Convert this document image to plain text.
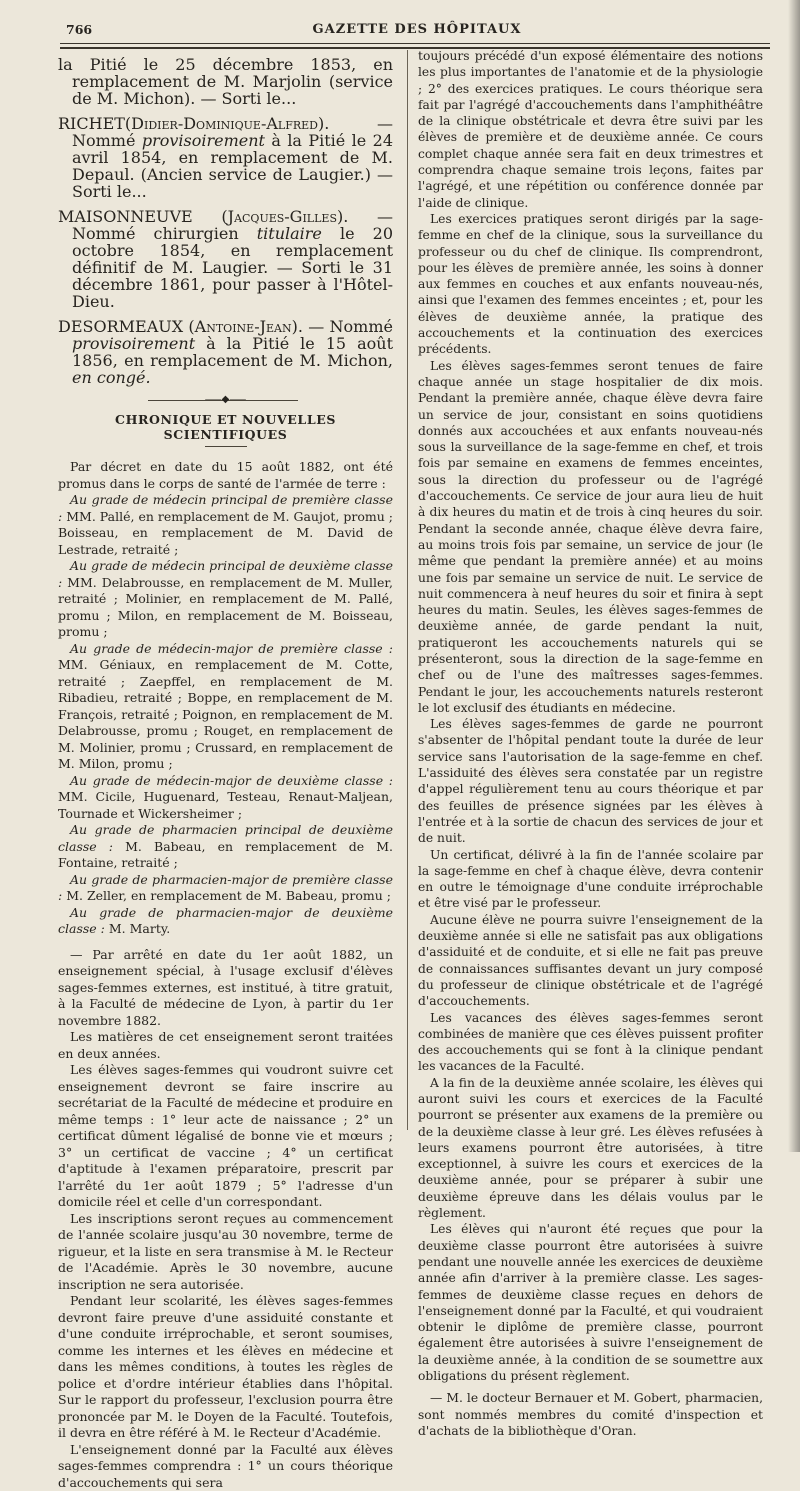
766	GAZETTE DES HÔPITAUX

la Pitié le 25 décembre 1853, en remplacement de M. Marjolin (service de M. Michon). — Sorti le...

RICHET(Didier-Dominique-Alfred). — Nommé provisoirement à la Pitié le 24 avril 1854, en remplacement de M. Depaul. (Ancien service de Laugier.) — Sorti le...

MAISONNEUVE (Jacques-Gilles). — Nommé chirurgien titulaire le 20 octobre 1854, en remplacement définitif de M. Laugier. — Sorti le 31 décembre 1861, pour passer à l'Hôtel-Dieu.

DESORMEAUX (Antoine-Jean). — Nommé provisoirement à la Pitié le 15 août 1856, en remplacement de M. Michon, en congé.

⸺◆⸺
CHRONIQUE ET NOUVELLES SCIENTIFIQUES

Par décret en date du 15 août 1882, ont été promus dans le corps de santé de l'armée de terre :

Au grade de médecin principal de première classe : MM. Pallé, en remplacement de M. Gaujot, promu ; Boisseau, en remplacement de M. David de Lestrade, retraité ;

Au grade de médecin principal de deuxième classe : MM. Delabrousse, en remplacement de M. Muller, retraité ; Molinier, en remplacement de M. Pallé, promu ; Milon, en remplacement de M. Boisseau, promu ;

Au grade de médecin-major de première classe : MM. Géniaux, en remplacement de M. Cotte, retraité ; Zaepffel, en remplacement de M. Ribadieu, retraité ; Boppe, en remplacement de M. François, retraité ; Poignon, en remplacement de M. Delabrousse, promu ; Rouget, en remplacement de M. Molinier, promu ; Crussard, en remplacement de M. Milon, promu ;

Au grade de médecin-major de deuxième classe : MM. Cicile, Huguenard, Testeau, Renaut-Maljean, Tournade et Wickersheimer ;

Au grade de pharmacien principal de deuxième classe : M. Babeau, en remplacement de M. Fontaine, retraité ;

Au grade de pharmacien-major de première classe : M. Zeller, en remplacement de M. Babeau, promu ;

Au grade de pharmacien-major de deuxième classe : M. Marty.

— Par arrêté en date du 1er août 1882, un enseignement spécial, à l'usage exclusif d'élèves sages-femmes externes, est institué, à titre gratuit, à la Faculté de médecine de Lyon, à partir du 1er novembre 1882.

Les matières de cet enseignement seront traitées en deux années.

Les élèves sages-femmes qui voudront suivre cet enseignement devront se faire inscrire au secrétariat de la Faculté de médecine et produire en même temps : 1° leur acte de naissance ; 2° un certificat dûment légalisé de bonne vie et mœurs ; 3° un certificat de vaccine ; 4° un certificat d'aptitude à l'examen préparatoire, prescrit par l'arrêté du 1er août 1879 ; 5° l'adresse d'un domicile réel et celle d'un correspondant.

Les inscriptions seront reçues au commencement de l'année scolaire jusqu'au 30 novembre, terme de rigueur, et la liste en sera transmise à M. le Recteur de l'Académie. Après le 30 novembre, aucune inscription ne sera autorisée.

Pendant leur scolarité, les élèves sages-femmes devront faire preuve d'une assiduité constante et d'une conduite irréprochable, et seront soumises, comme les internes et les élèves en médecine et dans les mêmes conditions, à toutes les règles de police et d'ordre intérieur établies dans l'hôpital. Sur le rapport du professeur, l'exclusion pourra être prononcée par M. le Doyen de la Faculté. Toutefois, il devra en être référé à M. le Recteur d'Académie.

L'enseignement donné par la Faculté aux élèves sages-femmes comprendra : 1° un cours théorique d'accouchements qui sera

toujours précédé d'un exposé élémentaire des notions les plus importantes de l'anatomie et de la physiologie ; 2° des exercices pratiques. Le cours théorique sera fait par l'agrégé d'accouchements dans l'amphithéâtre de la clinique obstétricale et devra être suivi par les élèves de première et de deuxième année. Ce cours complet chaque année sera fait en deux trimestres et comprendra chaque semaine trois leçons, faites par l'agrégé, et une répétition ou conférence donnée par l'aide de clinique.

Les exercices pratiques seront dirigés par la sage-femme en chef de la clinique, sous la surveillance du professeur ou du chef de clinique. Ils comprendront, pour les élèves de première année, les soins à donner aux femmes en couches et aux enfants nouveau-nés, ainsi que l'examen des femmes enceintes ; et, pour les élèves de deuxième année, la pratique des accouchements et la continuation des exercices précédents.

Les élèves sages-femmes seront tenues de faire chaque année un stage hospitalier de dix mois. Pendant la première année, chaque élève devra faire un service de jour, consistant en soins quotidiens donnés aux accouchées et aux enfants nouveau-nés sous la surveillance de la sage-femme en chef, et trois fois par semaine en examens de femmes enceintes, sous la direction du professeur ou de l'agrégé d'accouchements. Ce service de jour aura lieu de huit à dix heures du matin et de trois à cinq heures du soir. Pendant la seconde année, chaque élève devra faire, au moins trois fois par semaine, un service de jour (le même que pendant la première année) et au moins une fois par semaine un service de nuit. Le service de nuit commencera à neuf heures du soir et finira à sept heures du matin. Seules, les élèves sages-femmes de deuxième année, de garde pendant la nuit, pratiqueront les accouchements naturels qui se présenteront, sous la direction de la sage-femme en chef ou de l'une des maîtresses sages-femmes. Pendant le jour, les accouchements naturels resteront le lot exclusif des étudiants en médecine.

Les élèves sages-femmes de garde ne pourront s'absenter de l'hôpital pendant toute la durée de leur service sans l'autorisation de la sage-femme en chef. L'assiduité des élèves sera constatée par un registre d'appel régulièrement tenu au cours théorique et par des feuilles de présence signées par les élèves à l'entrée et à la sortie de chacun des services de jour et de nuit.

Un certificat, délivré à la fin de l'année scolaire par la sage-femme en chef à chaque élève, devra contenir en outre le témoignage d'une conduite irréprochable et être visé par le professeur.

Aucune élève ne pourra suivre l'enseignement de la deuxième année si elle ne satisfait pas aux obligations d'assiduité et de conduite, et si elle ne fait pas preuve de connaissances suffisantes devant un jury composé du professeur de clinique obstétricale et de l'agrégé d'accouchements.

Les vacances des élèves sages-femmes seront combinées de manière que ces élèves puissent profiter des accouchements qui se font à la clinique pendant les vacances de la Faculté.

A la fin de la deuxième année scolaire, les élèves qui auront suivi les cours et exercices de la Faculté pourront se présenter aux examens de la première ou de la deuxième classe à leur gré. Les élèves refusées à leurs examens pourront être autorisées, à titre exceptionnel, à suivre les cours et exercices de la deuxième année, pour se préparer à subir une deuxième épreuve dans les délais voulus par le règlement.

Les élèves qui n'auront été reçues que pour la deuxième classe pourront être autorisées à suivre pendant une nouvelle année les exercices de deuxième année afin d'arriver à la première classe. Les sages-femmes de deuxième classe reçues en dehors de l'enseignement donné par la Faculté, et qui voudraient obtenir le diplôme de première classe, pourront également être autorisées à suivre l'enseignement de la deuxième année, à la condition de se soumettre aux obligations du présent règlement.

— M. le docteur Bernauer et M. Gobert, pharmacien, sont nommés membres du comité d'inspection et d'achats de la bibliothèque d'Oran.
